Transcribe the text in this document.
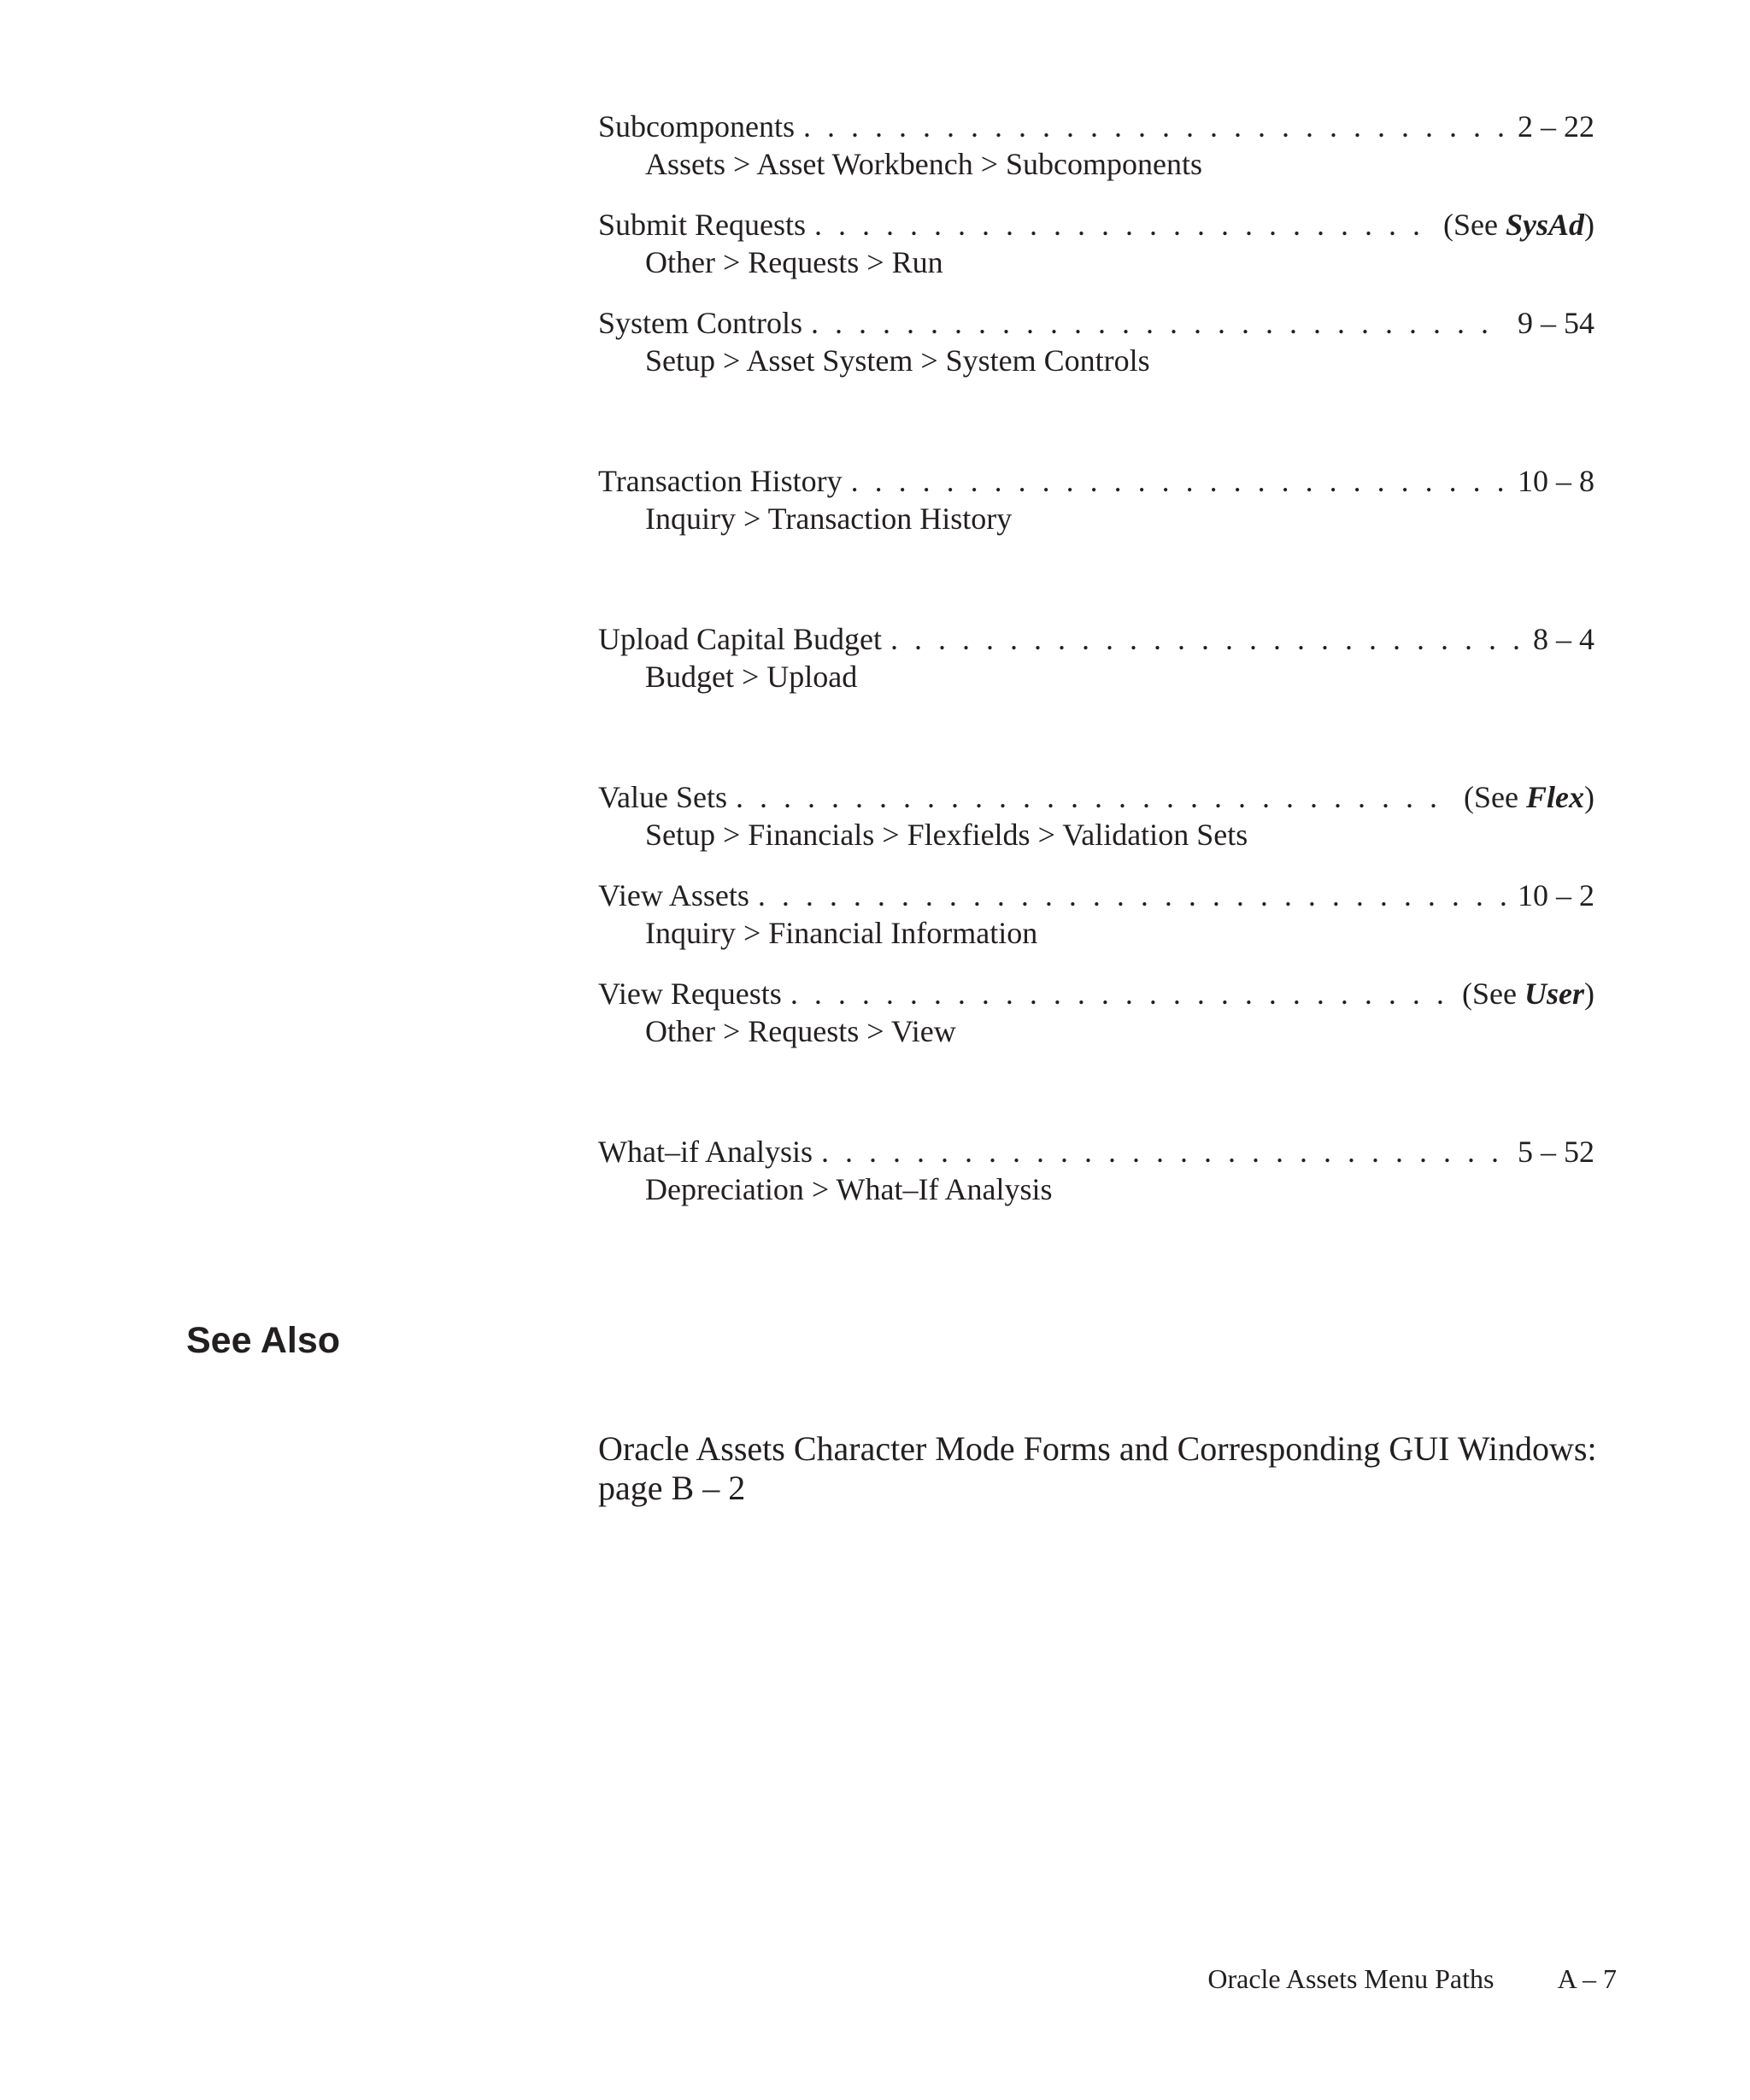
Subcomponents . . .	2 – 22
Assets > Asset Workbench > Subcomponents
Submit Requests . . .	(See SysAd)
Other > Requests > Run
System Controls . . .	9 – 54
Setup > Asset System > System Controls
Transaction History . . .	10 – 8
Inquiry > Transaction History
Upload Capital Budget . . .	8 – 4
Budget > Upload
Value Sets . . .	(See Flex)
Setup > Financials > Flexfields > Validation Sets
View Assets . . .	10 – 2
Inquiry > Financial Information
View Requests . . .	(See User)
Other > Requests > View
What–if Analysis . . .	5 – 52
Depreciation > What–If Analysis
See Also

Oracle Assets Character Mode Forms and Corresponding GUI Windows: page B – 2

Oracle Assets Menu Paths A – 7
